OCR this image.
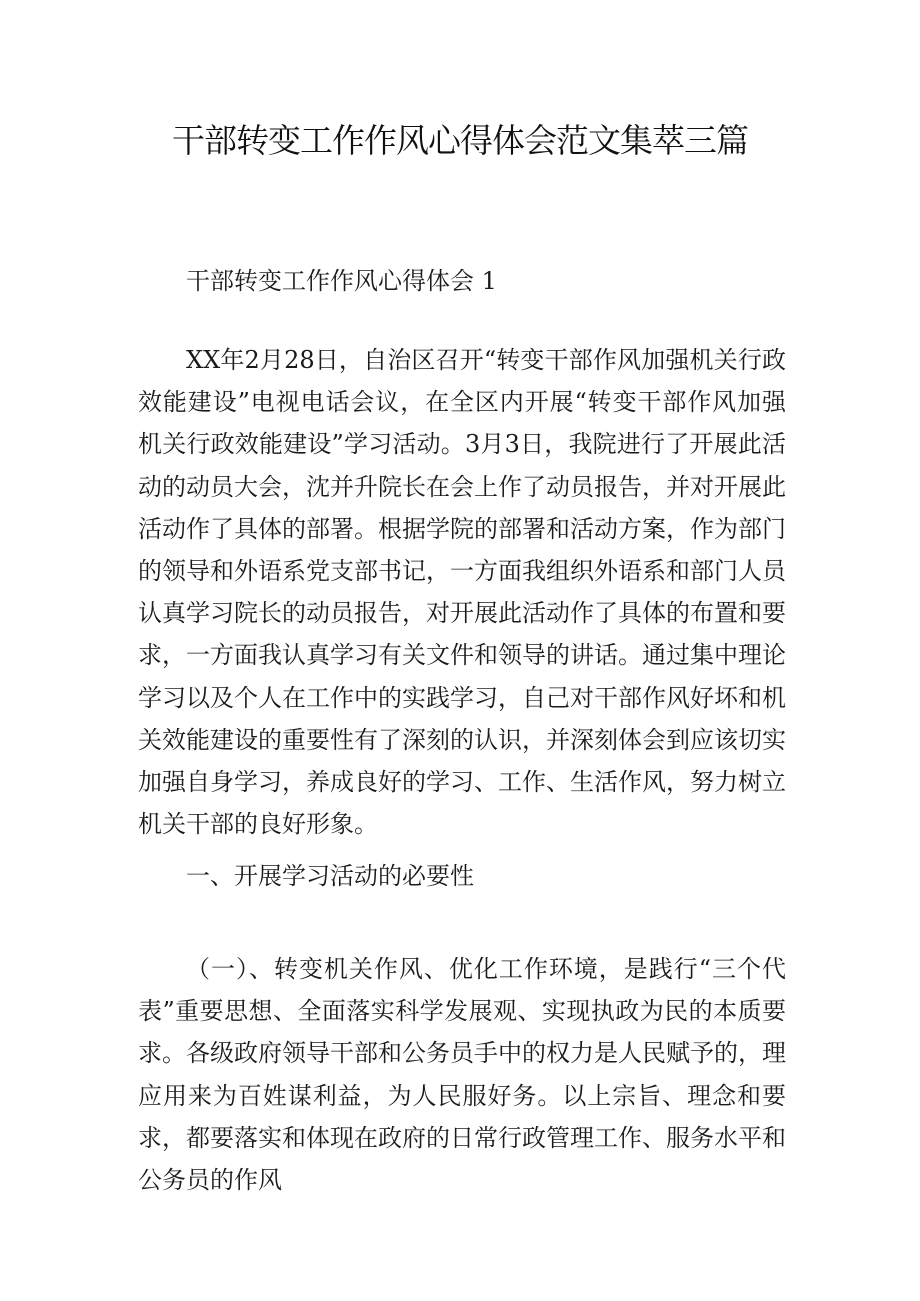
干部转变工作作风心得体会范文集萃三篇

干部转变工作作风心得体会 1

XX年2月28日，自治区召开“转变干部作风加强机关行政效能建设”电视电话会议，在全区内开展“转变干部作风加强机关行政效能建设”学习活动。3月3日，我院进行了开展此活动的动员大会，沈并升院长在会上作了动员报告，并对开展此活动作了具体的部署。根据学院的部署和活动方案，作为部门的领导和外语系党支部书记，一方面我组织外语系和部门人员认真学习院长的动员报告，对开展此活动作了具体的布置和要求，一方面我认真学习有关文件和领导的讲话。通过集中理论学习以及个人在工作中的实践学习，自己对干部作风好坏和机关效能建设的重要性有了深刻的认识，并深刻体会到应该切实加强自身学习，养成良好的学习、工作、生活作风，努力树立机关干部的良好形象。

一、开展学习活动的必要性

（一）、转变机关作风、优化工作环境，是践行“三个代表”重要思想、全面落实科学发展观、实现执政为民的本质要求。各级政府领导干部和公务员手中的权力是人民赋予的，理应用来为百姓谋利益，为人民服好务。以上宗旨、理念和要求，都要落实和体现在政府的日常行政管理工作、服务水平和公务员的作风
